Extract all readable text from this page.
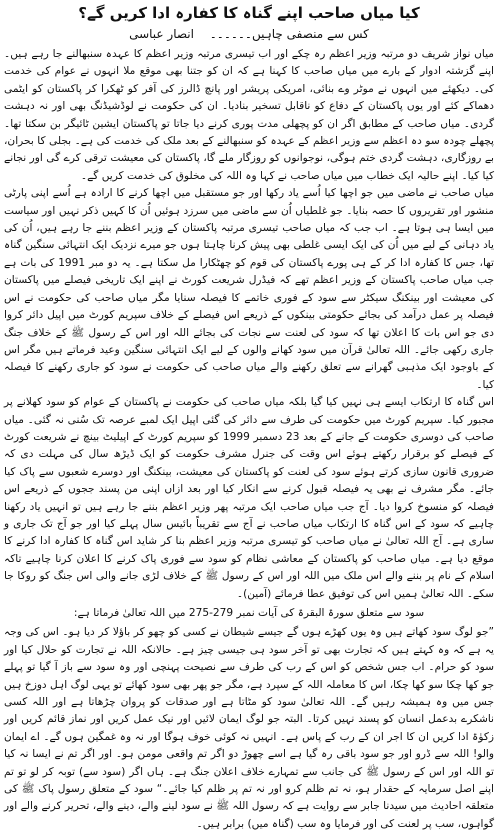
کیا میاں صاحب اپنے گناہ کا کفارہ ادا کریں گے؟
کس سے منصفی چاہیں۔۔۔۔۔۔ انصار عباسی

میاں نواز شریف دو مرتبہ وزیر اعظم رہ چکے اور اب تیسری مرتبہ وزیر اعظم کا عہدہ سنبھالنے جا رہے ہیں۔ اپنے گزشتہ ادوار کے بارے میں میاں صاحب کا کہنا ہے کہ ان کو جتنا بھی موقع ملا انہوں نے عوام کی خدمت کی۔ دیکھئے میں انہوں نے موٹر وے بنائی، امریکی پریشر اور پانچ ڈالرز کی آفر کو ٹھکرا کر پاکستان کو ایٹمی دھماکے کئے اور یوں پاکستان کے دفاع کو ناقابل تسخیر بنادیا۔ ان کی حکومت نے لوڈشیڈنگ بھی اور نہ دہشت گردی۔ میاں صاحب کے مطابق اگر ان کو پچھلی مدت پوری کرنے دیا جاتا تو پاکستان ایشین ٹائیگر بن سکتا تھا۔ پچھلے چودہ سو دہ اعظم سے وزیر اعظم کے عہدہ کو سنبھالنے کے بعد ملک کی خدمت کی ہے۔ بجلی کا بحران، بے روزگاری، دہشت گردی ختم ہوگی، نوجوانوں کو روزگار ملے گا، پاکستان کی معیشت ترقی کرے گی اور نجانے کیا کیا۔ اپنے حالیہ ایک خطاب میں میاں صاحب نے کہا وہ اللہ کی مخلوق کی خدمت کریں گے۔

میاں صاحب نے ماضی میں جو اچھا کیا اُسے یاد رکھا اور جو مستقبل میں اچھا کرنے کا ارادہ ہے اُسے اپنی پارٹی منشور اور تقریروں کا حصہ بنایا۔ جو غلطیاں اُن سے ماضی میں سرزد ہوئیں اُن کا کہیں ذکر نہیں اور سیاست میں ایسا ہی ہوتا ہے۔ اب جب کہ میاں صاحب تیسری مرتبہ پاکستان کے وزیر اعظم بننے جا رہے ہیں، اُن کی یاد دہانی کے لیے میں اُن کی ایک ایسی غلطی بھی پیش کرنا چاہتا ہوں جو میرے نزدیک ایک انتہائی سنگین گناہ تھا، جس کا کفارہ ادا کر کے ہی پورے پاکستان کی قوم کو چھٹکارا مل سکتا ہے۔ یہ دو مبر 1991 کی بات ہے جب میاں صاحب پاکستان کے وزیر اعظم تھے کہ فیڈرل شریعت کورٹ نے اپنے ایک تاریخی فیصلے میں پاکستان کی معیشت اور بینکنگ سیکٹر سے سود کے فوری خاتمے کا فیصلہ سنایا مگر میاں صاحب کی حکومت نے اس فیصلہ پر عمل درآمد کی بجائے حکومتی بینکوں کے ذریعے اس فیصلے کے خلاف سپریم کورٹ میں اپیل دائر کروا دی جو اس بات کا اعلان تھا کہ سود کی لعنت سے نجات کی بجائے اللہ اور اس کے رسول ﷺ کے خلاف جنگ جاری رکھی جائے۔ اللہ تعالیٰ قرآن میں سود کھانے والوں کے لیے ایک انتہائی سنگین وعید فرماتے ہیں مگر اس کے باوجود ایک مذہبی گھرانے سے تعلق رکھنے والے میاں صاحب کی حکومت نے سود کو جاری رکھنے کا فیصلہ کیا۔

اس گناہ کا ارتکاب ایسے ہی نہیں کیا گیا بلکہ میاں صاحب کی حکومت نے پاکستان کے عوام کو سود کھلانے پر مجبور کیا۔ سپریم کورٹ میں حکومت کی طرف سے دائر کی گئی اپیل ایک لمبے عرصہ تک سُنی نہ گئی۔ میاں صاحب کی دوسری حکومت کے جانے کے بعد 23 دسمبر 1999 کو سپریم کورٹ کے اپیلیٹ بینچ نے شریعت کورٹ کے فیصلے کو برقرار رکھتے ہوئے اس وقت کی جنرل مشرف حکومت کو ایک ڈیڑھ سال کی مہلت دی کہ ضروری قانون سازی کرتے ہوئے سود کی لعنت کو پاکستان کی معیشت، بینکنگ اور دوسرے شعبوں سے پاک کیا جائے۔ مگر مشرف نے بھی یہ فیصلہ قبول کرنے سے انکار کیا اور بعد ازاں اپنی من پسند ججوں کے ذریعے اس فیصلہ کو منسوخ کروا دیا۔ آج جب میاں صاحب ایک مرتبہ پھر وزیر اعظم بننے جا رہے ہیں تو انہیں یاد رکھنا چاہیے کہ سود کے اس گناہ کا ارتکاب میاں صاحب نے آج سے تقریباً بائیس سال پہلے کیا اور جو آج تک جاری و ساری ہے۔ آج اللہ تعالیٰ نے میاں صاحب کو تیسری مرتبہ وزیر اعظم بنا کر شاید اس گناہ کا کفارہ ادا کرنے کا موقع دیا ہے۔ میاں صاحب کو پاکستان کے معاشی نظام کو سود سے فوری پاک کرنے کا اعلان کرنا چاہیے تاکہ اسلام کے نام پر بننے والے اس ملک میں اللہ اور اس کے رسول ﷺ کے خلاف لڑی جانے والی اس جنگ کو روکا جا سکے۔ اللہ تعالیٰ ہمیں اس کی توفیق عطا فرمائے (آمین)۔

سود سے متعلق سورۃ البقرۃ کی آیات نمبر 279-275 میں اللہ تعالیٰ فرماتا ہے:

”جو لوگ سود کھاتے ہیں وہ یوں کھڑے ہوں گے جیسے شیطان نے کسی کو چھو کر باؤلا کر دیا ہو۔ اس کی وجہ یہ ہے کہ وہ کہتے ہیں کہ تجارت بھی تو آخر سود ہی جیسی چیز ہے۔ حالانکہ اللہ نے تجارت کو حلال کیا اور سود کو حرام۔ اب جس شخص کو اس کے رب کی طرف سے نصیحت پہنچی اور وہ سود سے باز آ گیا تو پہلے جو کھا چکا سو کھا چکا، اس کا معاملہ اللہ کے سپرد ہے، مگر جو پھر بھی سود کھائے تو یہی لوگ اہل دوزخ ہیں جس میں وہ ہمیشہ رہیں گے۔ اللہ تعالیٰ سود کو مٹاتا ہے اور صدقات کو پروان چڑھاتا ہے اور اللہ کسی ناشکرے بدعمل انسان کو پسند نہیں کرتا۔ البتہ جو لوگ ایمان لائیں اور نیک عمل کریں اور نماز قائم کریں اور زکوٰۃ ادا کریں ان کا اجر ان کے رب کے پاس ہے۔ انہیں نہ کوئی خوف ہوگا اور نہ وہ غمگین ہوں گے۔ اے ایمان والو! اللہ سے ڈرو اور جو سود باقی رہ گیا ہے اسے چھوڑ دو اگر تم واقعی مومن ہو۔ اور اگر تم نے ایسا نہ کیا تو اللہ اور اس کے رسول ﷺ کی جانب سے تمہارے خلاف اعلان جنگ ہے۔ ہاں اگر (سود سے) توبہ کر لو تو تم اپنے اصل سرمایہ کے حقدار ہو، نہ تم ظلم کرو اور نہ تم پر ظلم کیا جائے۔“ سود کے متعلق رسول پاک ﷺ کی متعلقہ احادیث میں سیدنا جابر سے روایت ہے کہ رسول اللہ ﷺ نے سود لینے والے، دینے والے، تحریر کرنے والے اور گواہوں، سب پر لعنت کی اور فرمایا وہ سب (گناہ میں) برابر ہیں۔
